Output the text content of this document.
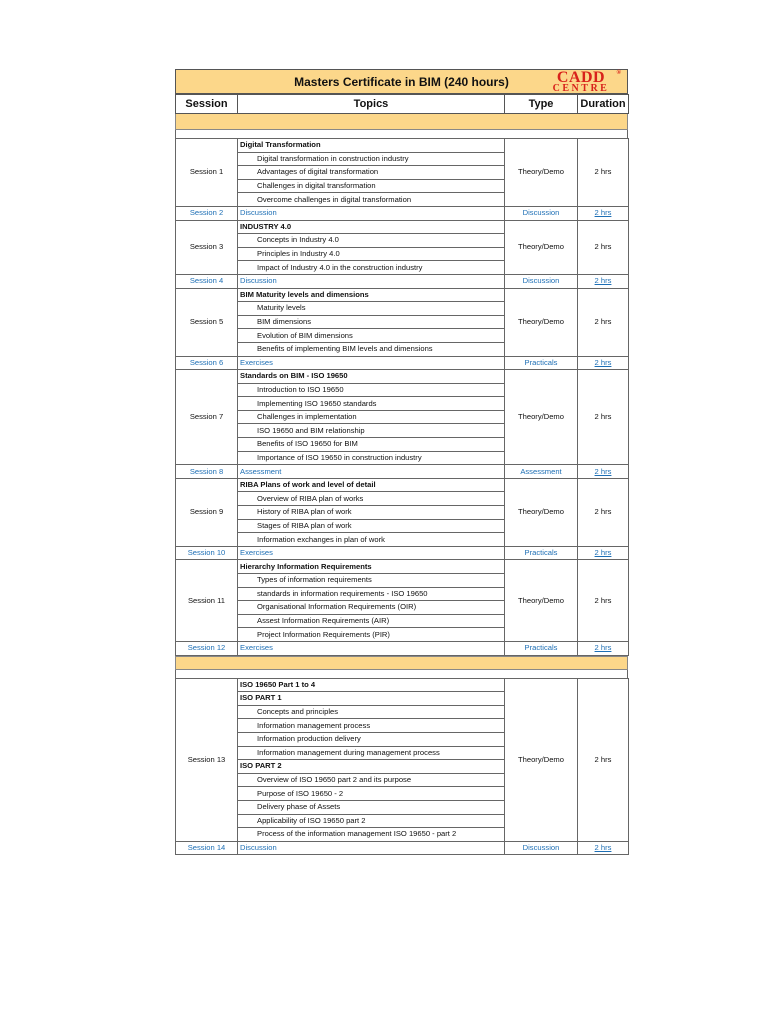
Masters Certificate in BIM (240 hours)	CADD
CENTRE
®
Session	Topics	Type	Duration
Session 1	Digital Transformation	Theory/Demo	2 hrs
	Digital transformation in construction industry		
	Advantages of digital transformation		
	Challenges in digital transformation		
	Overcome challenges in digital transformation		
Session 2	Discussion	Discussion	2 hrs
Session 3	INDUSTRY 4.0	Theory/Demo	2 hrs
	Concepts in Industry 4.0		
	Principles in Industry 4.0		
	Impact of Industry 4.0 in the construction industry		
Session 4	Discussion	Discussion	2 hrs
Session 5	BIM Maturity levels and dimensions	Theory/Demo	2 hrs
	Maturity levels		
	BIM dimensions		
	Evolution of BIM dimensions		
	Benefits of implementing BIM levels and dimensions		
Session 6	Exercises	Practicals	2 hrs
Session 7	Standards on BIM - ISO 19650	Theory/Demo	2 hrs
	Introduction to ISO 19650		
	Implementing ISO 19650 standards		
	Challenges in implementation		
	ISO 19650 and BIM relationship		
	Benefits of ISO 19650 for BIM		
	Importance of ISO 19650 in construction industry		
Session 8	Assessment	Assessment	2 hrs
Session 9	RIBA Plans of work and level of detail	Theory/Demo	2 hrs
	Overview of RIBA plan of works		
	History of RIBA plan of work		
	Stages of RIBA plan of work		
	Information exchanges in plan of work		
Session 10	Exercises	Practicals	2 hrs
Session 11	Hierarchy Information Requirements	Theory/Demo	2 hrs
	Types of information requirements		
	standards in information requirements - ISO 19650		
	Organisational Information Requirements (OIR)		
	Assest Information Requirements (AIR)		
	Project Information Requirements (PIR)		
Session 12	Exercises	Practicals	2 hrs
Session 13	ISO 19650 Part 1 to 4	Theory/Demo	2 hrs
	ISO PART 1		
	Concepts and principles		
	Information management process		
	Information production delivery		
	Information management during management process		
	ISO PART 2		
	Overview of ISO 19650 part 2 and its purpose		
	Purpose of ISO 19650 - 2		
	Delivery phase of Assets		
	Applicability of ISO 19650 part 2		
	Process of the information management ISO 19650 - part 2		
Session 14	Discussion	Discussion	2 hrs
